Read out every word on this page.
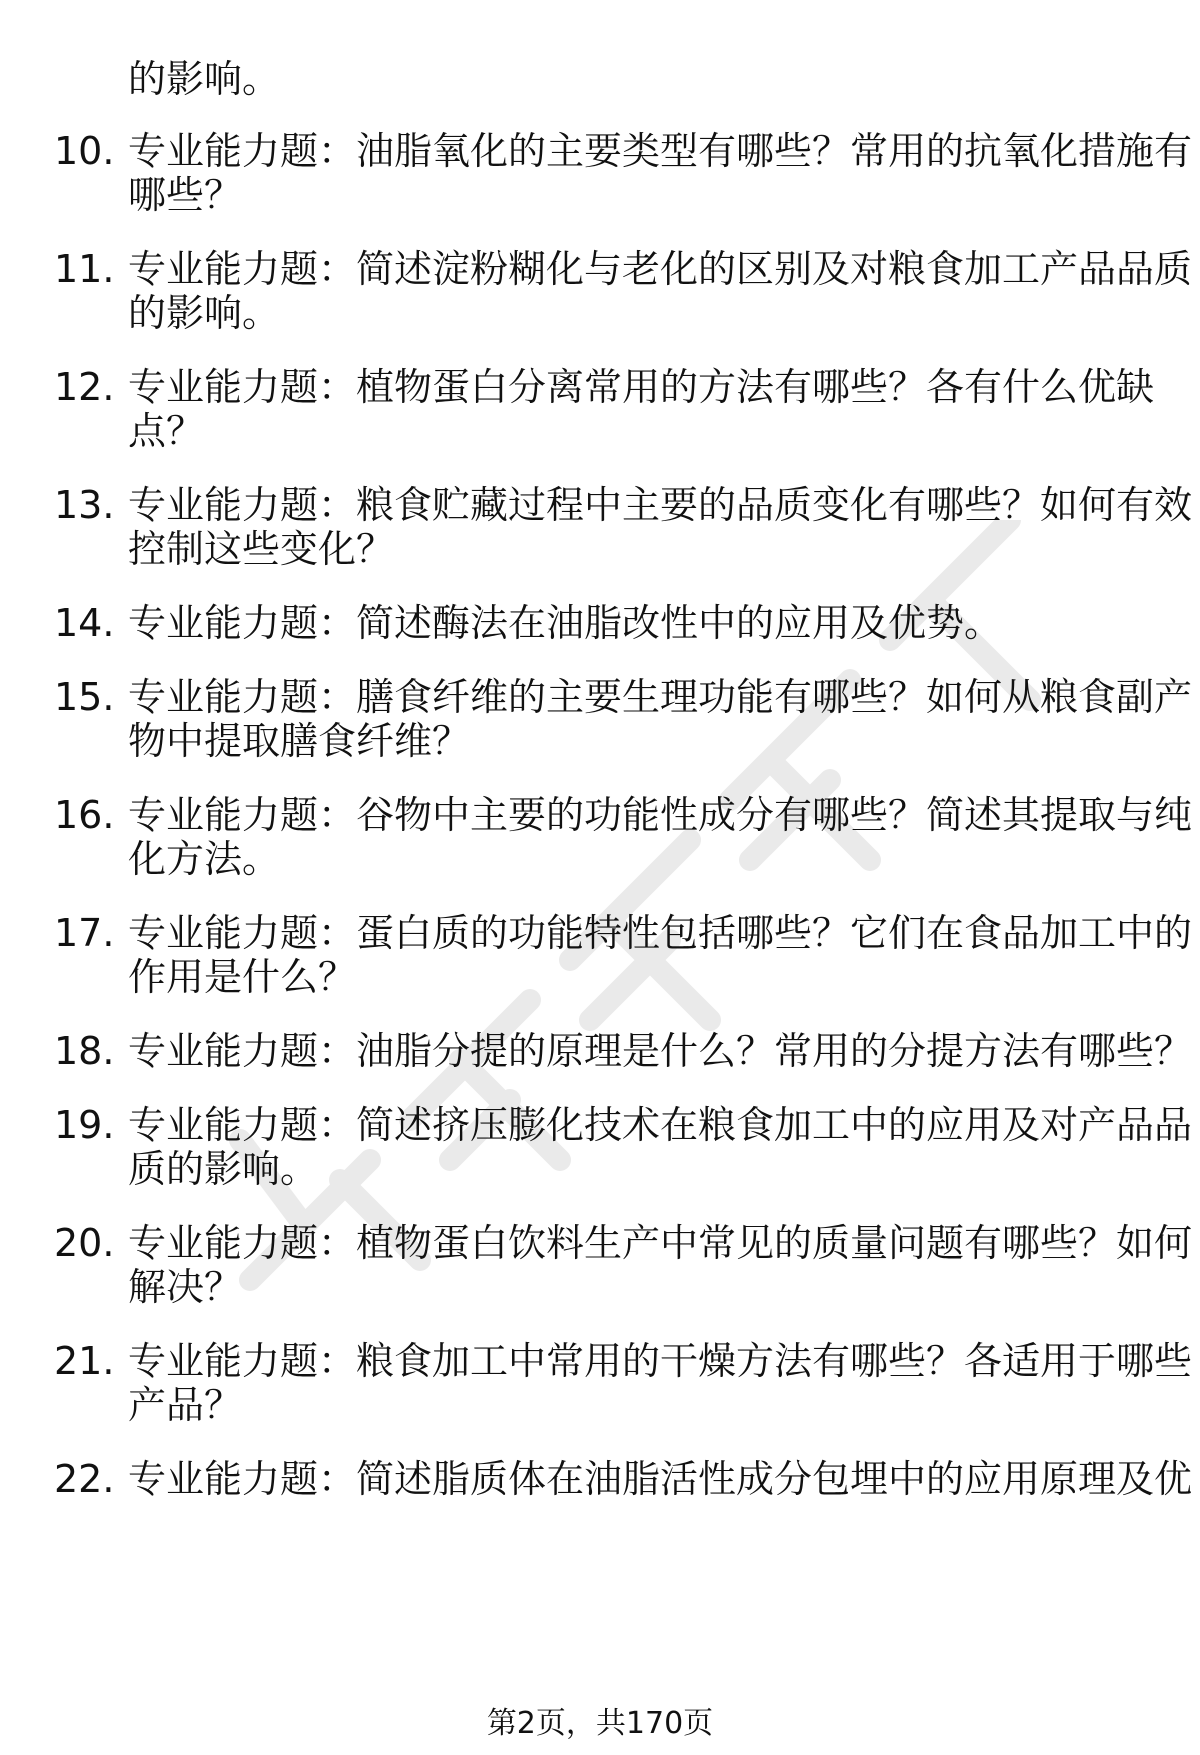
的影响。
10. 专业能力题：油脂氧化的主要类型有哪些？常用的抗氧化措施有
哪些？
11. 专业能力题：简述淀粉糊化与老化的区别及对粮食加工产品品质
的影响。
12. 专业能力题：植物蛋白分离常用的方法有哪些？各有什么优缺
点？
13. 专业能力题：粮食贮藏过程中主要的品质变化有哪些？如何有效
控制这些变化？
14. 专业能力题：简述酶法在油脂改性中的应用及优势。
15. 专业能力题：膳食纤维的主要生理功能有哪些？如何从粮食副产
物中提取膳食纤维？
16. 专业能力题：谷物中主要的功能性成分有哪些？简述其提取与纯
化方法。
17. 专业能力题：蛋白质的功能特性包括哪些？它们在食品加工中的
作用是什么？
18. 专业能力题：油脂分提的原理是什么？常用的分提方法有哪些？
19. 专业能力题：简述挤压膨化技术在粮食加工中的应用及对产品品
质的影响。
20. 专业能力题：植物蛋白饮料生产中常见的质量问题有哪些？如何
解决？
21. 专业能力题：粮食加工中常用的干燥方法有哪些？各适用于哪些
产品？
22. 专业能力题：简述脂质体在油脂活性成分包埋中的应用原理及优
第2页，共170页
